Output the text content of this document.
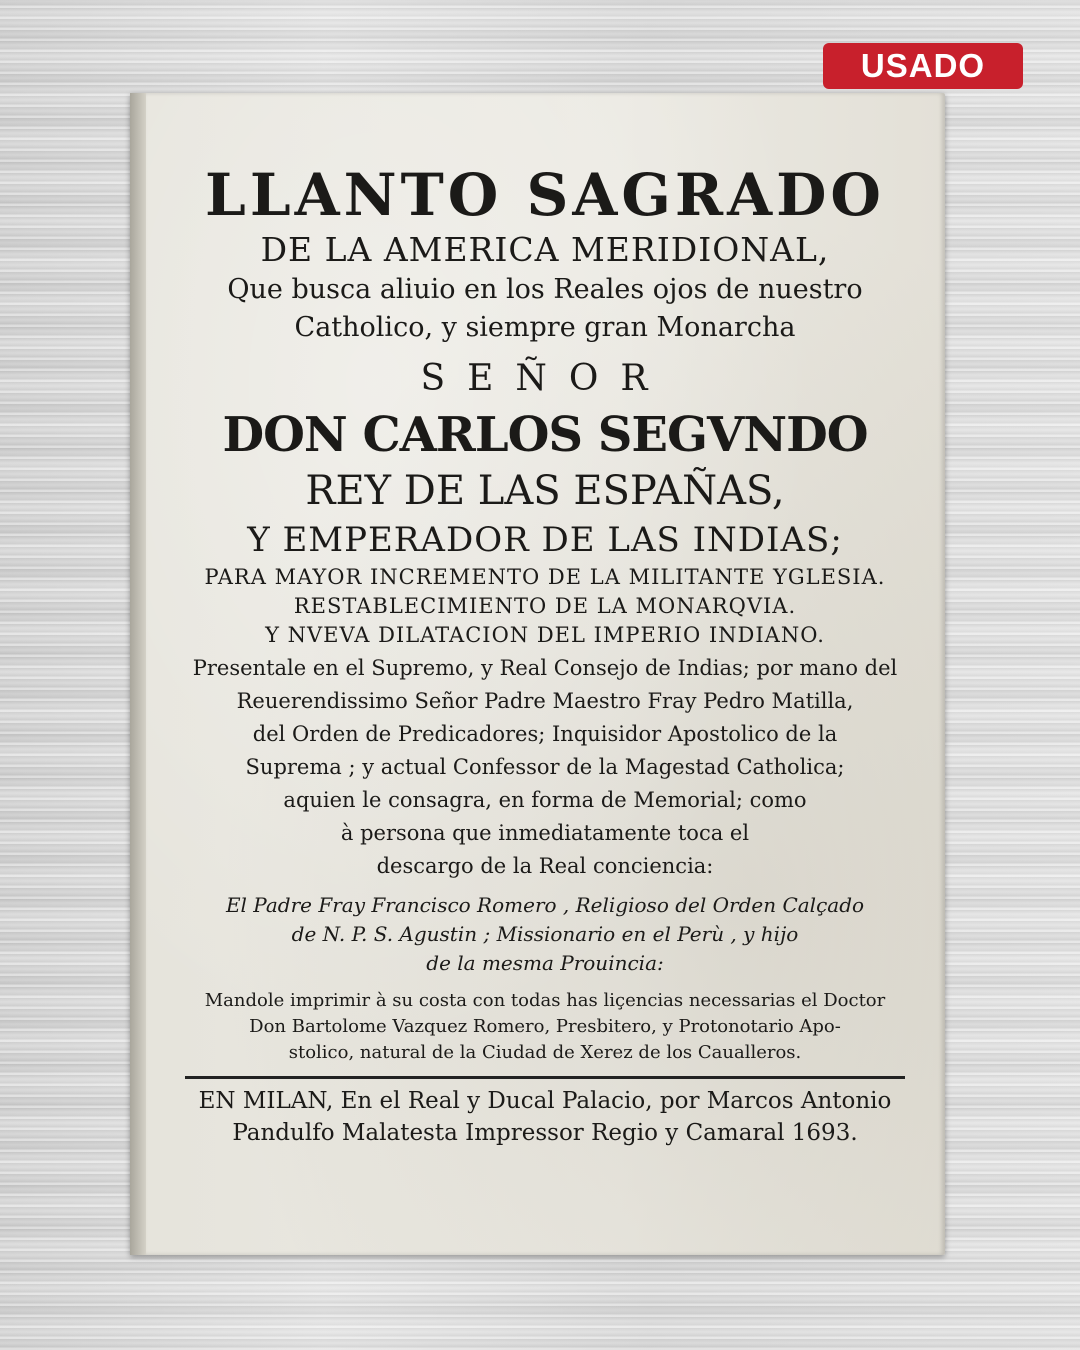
USADO
LLANTO SAGRADO
DE LA AMERICA MERIDIONAL,
Que busca aliuio en los Reales ojos de nuestro
Catholico, y siempre gran Monarcha
SEÑOR
DON CARLOS SEGVNDO
REY DE LAS ESPAÑAS,
Y EMPERADOR DE LAS INDIAS;
PARA MAYOR INCREMENTO DE LA MILITANTE YGLESIA.
RESTABLECIMIENTO DE LA MONARQVIA.
Y NVEVA DILATACION DEL IMPERIO INDIANO.
Presentale en el Supremo, y Real Consejo de Indias; por mano del
Reuerendissimo Señor Padre Maestro Fray Pedro Matilla,
del Orden de Predicadores; Inquisidor Apostolico de la
Suprema ; y actual Confessor de la Magestad Catholica;
aquien le consagra, en forma de Memorial; como
à persona que inmediatamente toca el
descargo de la Real conciencia:
El Padre Fray Francisco Romero , Religioso del Orden Calçado
de N. P. S. Agustin ; Missionario en el Perù , y hijo
de la mesma Prouincia:
Mandole imprimir à su costa con todas has liçencias necessarias el Doctor
Don Bartolome Vazquez Romero, Presbitero, y Protonotario Apo-
stolico, natural de la Ciudad de Xerez de los Caualleros.
EN MILAN, En el Real y Ducal Palacio, por Marcos Antonio
Pandulfo Malatesta Impressor Regio y Camaral 1693.
